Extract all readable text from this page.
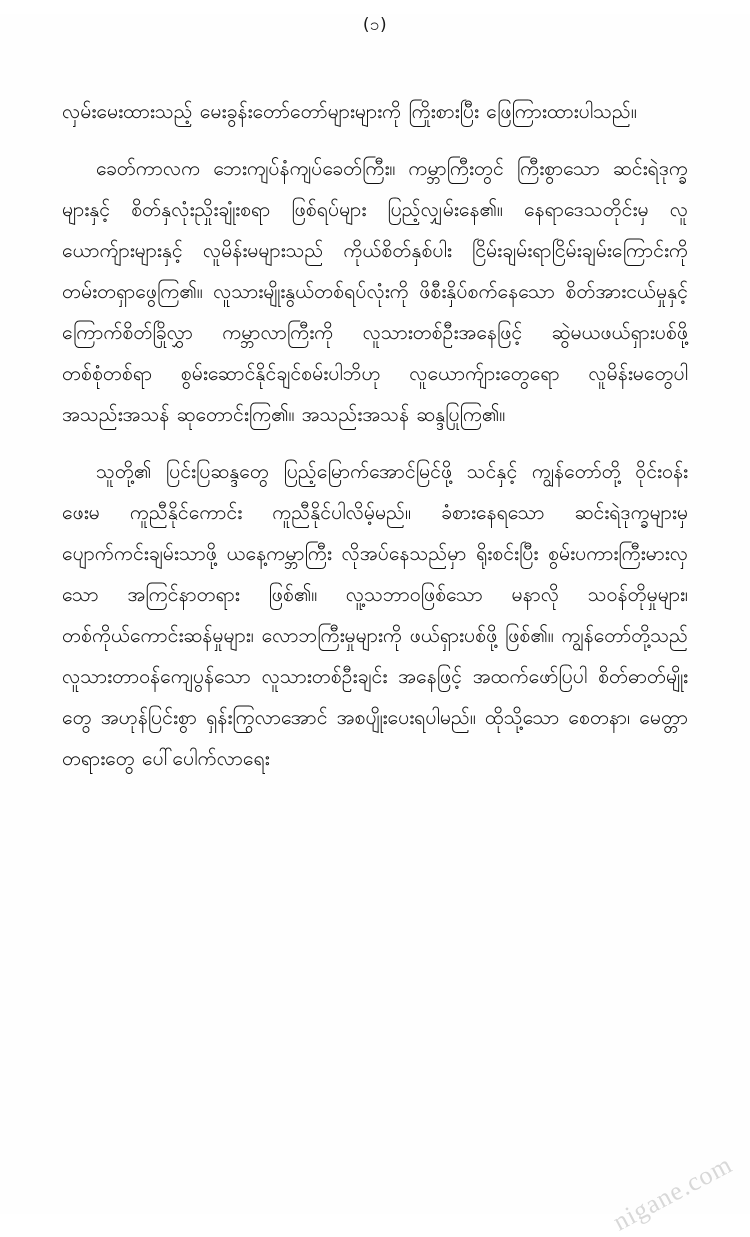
(၁)

လှမ်းမေးထားသည့် မေးခွန်းတော်တော်များများကို ကြိုးစားပြီး ဖြေကြားထားပါသည်။

ခေတ်ကာလက ဘေးကျပ်နံကျပ်ခေတ်ကြီး။ ကမ္ဘာကြီးတွင် ကြီးစွာသော ဆင်းရဲဒုက္ခများနှင့် စိတ်နှလုံးညှိုးချုံးစရာ ဖြစ်ရပ်များ ပြည့်လျှမ်းနေ၏။ နေရာဒေသတိုင်းမှ လူယောက်ျားများနှင့် လူမိန်းမများသည် ကိုယ်စိတ်နှစ်ပါး ငြိမ်းချမ်းရာငြိမ်းချမ်းကြောင်းကို တမ်းတရှာဖွေကြ၏။ လူသားမျိုးနွယ်တစ်ရပ်လုံးကို ဖိစီးနှိပ်စက်နေသော စိတ်အားငယ်မှုနှင့် ကြောက်စိတ်ခြိုလွှာ ကမ္ဘာလာကြီးကို လူသားတစ်ဦးအနေဖြင့် ဆွဲမယဖယ်ရှားပစ်ဖို့ တစ်စုံတစ်ရာ စွမ်းဆောင်နိုင်ချင်စမ်းပါဘိဟု လူယောက်ျားတွေရော လူမိန်းမတွေပါ အသည်းအသန် ဆုတောင်းကြ၏။ အသည်းအသန် ဆန္ဒပြုကြ၏။

သူတို့၏ ပြင်းပြဆန္ဒတွေ ပြည့်မြောက်အောင်မြင်ဖို့ သင်နှင့် ကျွန်တော်တို့ ဝိုင်းဝန်းဖေးမ ကူညီနိုင်ကောင်း ကူညီနိုင်ပါလိမ့်မည်။ ခံစားနေရသော ဆင်းရဲဒုက္ခများမှ ပျောက်ကင်းချမ်းသာဖို့ ယနေ့ကမ္ဘာကြီး လိုအပ်နေသည်မှာ ရိုးစင်းပြီး စွမ်းပကားကြီးမားလှသော အကြင်နာတရား ဖြစ်၏။ လူ့သဘာဝဖြစ်သော မနာလို သဝန်တိုမှုများ၊ တစ်ကိုယ်ကောင်းဆန်မှုများ၊ လောဘကြီးမှုများကို ဖယ်ရှားပစ်ဖို့ ဖြစ်၏။ ကျွန်တော်တို့သည် လူသားတာဝန်ကျေပွန်သော လူသားတစ်ဦးချင်း အနေဖြင့် အထက်ဖော်ပြပါ စိတ်ဓာတ်မျိုးတွေ အဟုန်ပြင်းစွာ ရှန်းကြွလာအောင် အစပျိုးပေးရပါမည်။ ထိုသို့သော စေတနာ၊ မေတ္တာတရားတွေ ပေါ်ပေါက်လာရေး

nigane.com
